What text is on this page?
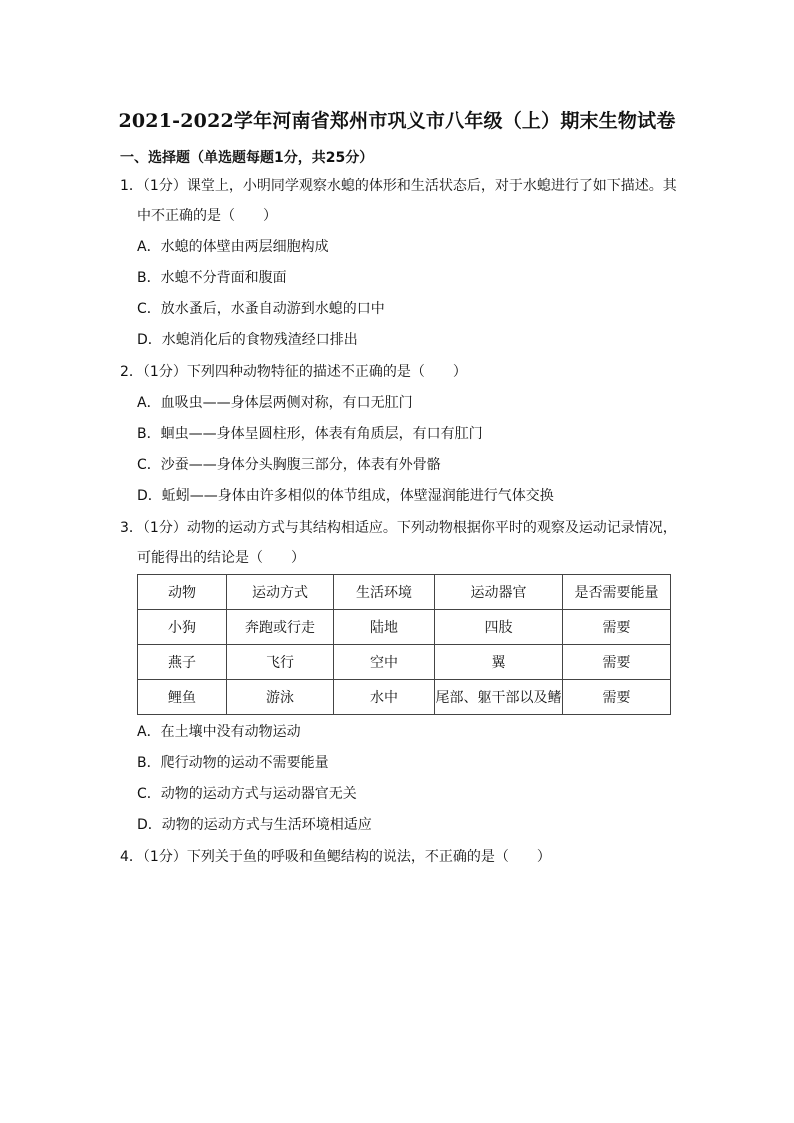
2021-2022学年河南省郑州市巩义市八年级（上）期末生物试卷
一、选择题（单选题每题1分，共25分）
1．（1分）课堂上，小明同学观察水螅的体形和生活状态后，对于水螅进行了如下描述。其
中不正确的是（　　）
A．水螅的体壁由两层细胞构成
B．水螅不分背面和腹面
C．放水蚤后，水蚤自动游到水螅的口中
D．水螅消化后的食物残渣经口排出
2．（1分）下列四种动物特征的描述不正确的是（　　）
A．血吸虫——身体层两侧对称，有口无肛门
B．蛔虫——身体呈圆柱形，体表有角质层，有口有肛门
C．沙蚕——身体分头胸腹三部分，体表有外骨骼
D．蚯蚓——身体由许多相似的体节组成，体壁湿润能进行气体交换
3．（1分）动物的运动方式与其结构相适应。下列动物根据你平时的观察及运动记录情况，
可能得出的结论是（　　）
动物	运动方式	生活环境	运动器官	是否需要能量
小狗	奔跑或行走	陆地	四肢	需要
燕子	飞行	空中	翼	需要
鲤鱼	游泳	水中	尾部、躯干部以及鳍	需要
A．在土壤中没有动物运动
B．爬行动物的运动不需要能量
C．动物的运动方式与运动器官无关
D．动物的运动方式与生活环境相适应
4．（1分）下列关于鱼的呼吸和鱼鳃结构的说法，不正确的是（　　）
